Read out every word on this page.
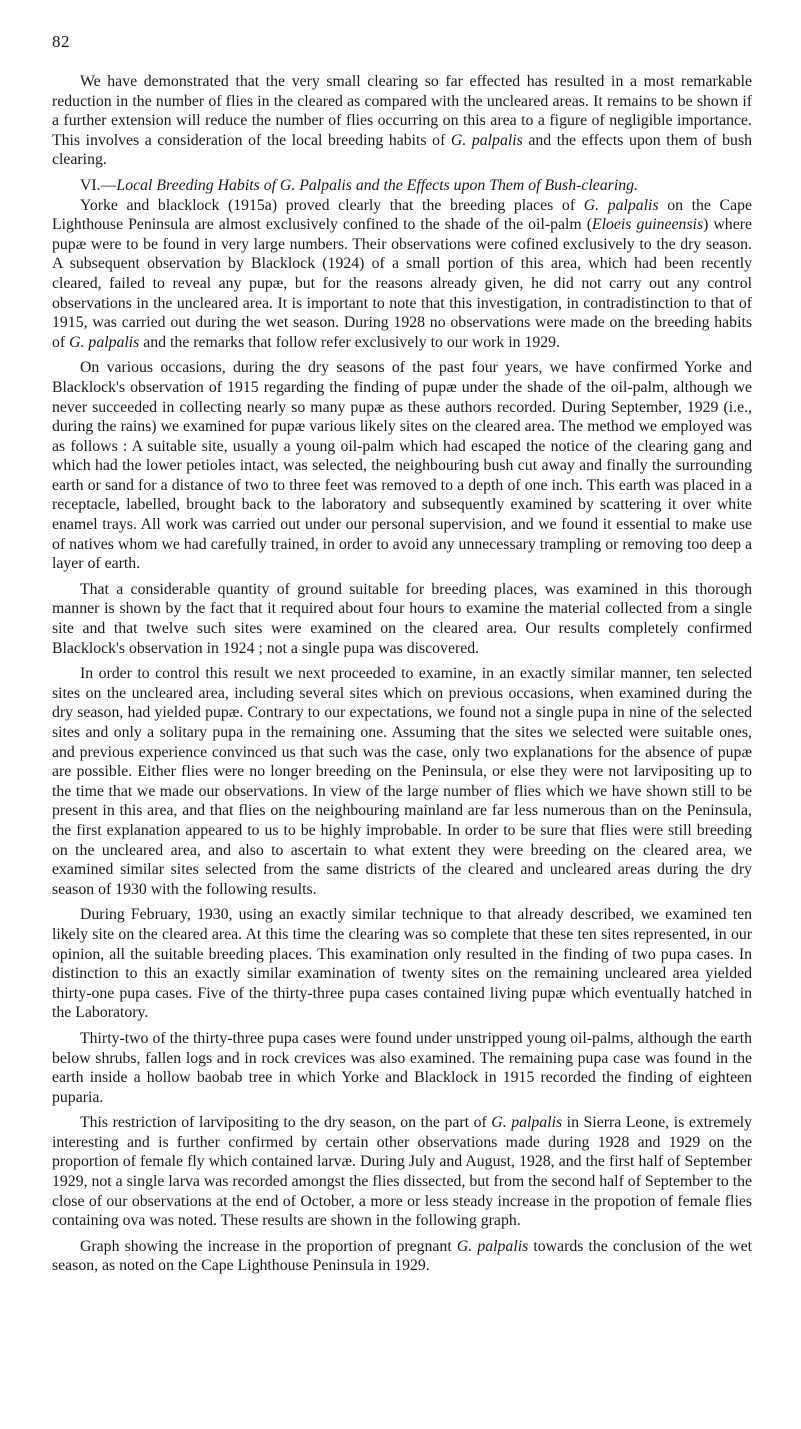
82

We have demonstrated that the very small clearing so far effected has resulted in a most remarkable reduction in the number of flies in the cleared as compared with the uncleared areas. It remains to be shown if a further extension will reduce the number of flies occurring on this area to a figure of negligible importance. This involves a consideration of the local breeding habits of G. palpalis and the effects upon them of bush clearing.

VI.—Local Breeding Habits of G. Palpalis and the Effects upon Them of Bush-clearing.

Yorke and blacklock (1915a) proved clearly that the breeding places of G. palpalis on the Cape Lighthouse Peninsula are almost exclusively confined to the shade of the oil-palm (Eloeis guineensis) where pupæ were to be found in very large numbers. Their observations were cofined exclusively to the dry season. A subsequent observation by Blacklock (1924) of a small portion of this area, which had been recently cleared, failed to reveal any pupæ, but for the reasons already given, he did not carry out any control observations in the uncleared area. It is important to note that this investigation, in contradistinction to that of 1915, was carried out during the wet season. During 1928 no observations were made on the breeding habits of G. palpalis and the remarks that follow refer exclusively to our work in 1929.

On various occasions, during the dry seasons of the past four years, we have confirmed Yorke and Blacklock's observation of 1915 regarding the finding of pupæ under the shade of the oil-palm, although we never succeeded in collecting nearly so many pupæ as these authors recorded. During September, 1929 (i.e., during the rains) we examined for pupæ various likely sites on the cleared area. The method we employed was as follows : A suitable site, usually a young oil-palm which had escaped the notice of the clearing gang and which had the lower petioles intact, was selected, the neighbouring bush cut away and finally the surrounding earth or sand for a distance of two to three feet was removed to a depth of one inch. This earth was placed in a receptacle, labelled, brought back to the laboratory and subsequently examined by scattering it over white enamel trays. All work was carried out under our personal supervision, and we found it essential to make use of natives whom we had carefully trained, in order to avoid any unnecessary trampling or removing too deep a layer of earth.

That a considerable quantity of ground suitable for breeding places, was examined in this thorough manner is shown by the fact that it required about four hours to examine the material collected from a single site and that twelve such sites were examined on the cleared area. Our results completely confirmed Blacklock's observation in 1924 ; not a single pupa was discovered.

In order to control this result we next proceeded to examine, in an exactly similar manner, ten selected sites on the uncleared area, including several sites which on previous occasions, when examined during the dry season, had yielded pupæ. Contrary to our expectations, we found not a single pupa in nine of the selected sites and only a solitary pupa in the remaining one. Assuming that the sites we selected were suitable ones, and previous experience convinced us that such was the case, only two explanations for the absence of pupæ are possible. Either flies were no longer breeding on the Peninsula, or else they were not larvipositing up to the time that we made our observations. In view of the large number of flies which we have shown still to be present in this area, and that flies on the neighbouring mainland are far less numerous than on the Peninsula, the first explanation appeared to us to be highly improbable. In order to be sure that flies were still breeding on the uncleared area, and also to ascertain to what extent they were breeding on the cleared area, we examined similar sites selected from the same districts of the cleared and uncleared areas during the dry season of 1930 with the following results.

During February, 1930, using an exactly similar technique to that already described, we examined ten likely site on the cleared area. At this time the clearing was so complete that these ten sites represented, in our opinion, all the suitable breeding places. This examination only resulted in the finding of two pupa cases. In distinction to this an exactly similar examination of twenty sites on the remaining uncleared area yielded thirty-one pupa cases. Five of the thirty-three pupa cases contained living pupæ which eventually hatched in the Laboratory.

Thirty-two of the thirty-three pupa cases were found under unstripped young oil-palms, although the earth below shrubs, fallen logs and in rock crevices was also examined. The remaining pupa case was found in the earth inside a hollow baobab tree in which Yorke and Blacklock in 1915 recorded the finding of eighteen puparia.

This restriction of larvipositing to the dry season, on the part of G. palpalis in Sierra Leone, is extremely interesting and is further confirmed by certain other observations made during 1928 and 1929 on the proportion of female fly which contained larvæ. During July and August, 1928, and the first half of September 1929, not a single larva was recorded amongst the flies dissected, but from the second half of September to the close of our observations at the end of October, a more or less steady increase in the propotion of female flies containing ova was noted. These results are shown in the following graph.

Graph showing the increase in the proportion of pregnant G. palpalis towards the conclusion of the wet season, as noted on the Cape Lighthouse Peninsula in 1929.
